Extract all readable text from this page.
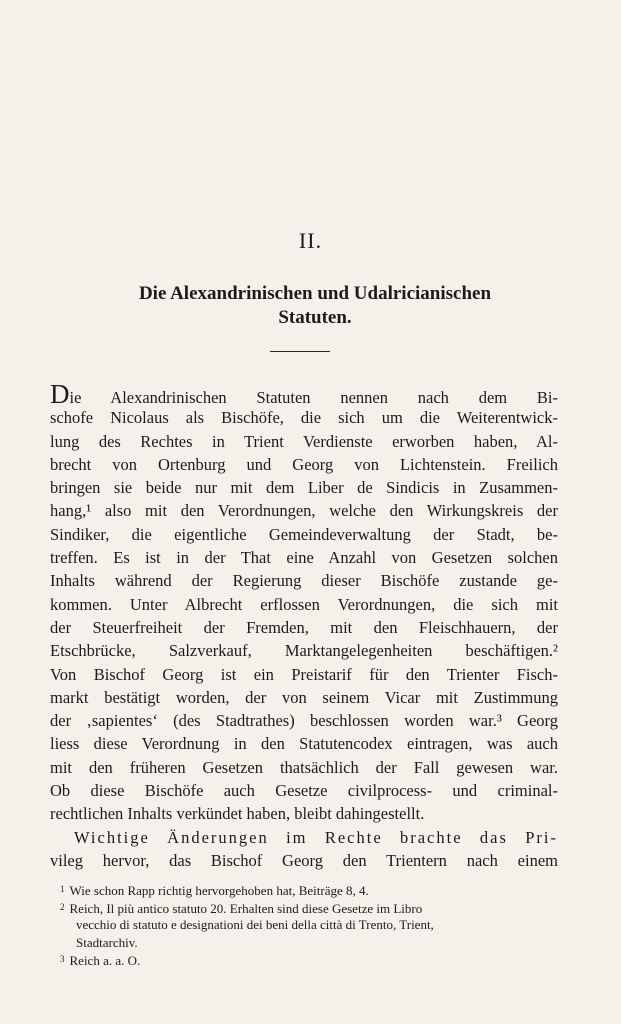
II.
Die Alexandrinischen und Udalricianischen
Statuten.
Die Alexandrinischen Statuten nennen nach dem Bi-
schofe Nicolaus als Bischöfe, die sich um die Weiterentwick-
lung des Rechtes in Trient Verdienste erworben haben, Al-
brecht von Ortenburg und Georg von Lichtenstein. Freilich
bringen sie beide nur mit dem Liber de Sindicis in Zusammen-
hang,¹ also mit den Verordnungen, welche den Wirkungskreis der
Sindiker, die eigentliche Gemeindeverwaltung der Stadt, be-
treffen. Es ist in der That eine Anzahl von Gesetzen solchen
Inhalts während der Regierung dieser Bischöfe zustande ge-
kommen. Unter Albrecht erflossen Verordnungen, die sich mit
der Steuerfreiheit der Fremden, mit den Fleischhauern, der
Etschbrücke, Salzverkauf, Marktangelegenheiten beschäftigen.²
Von Bischof Georg ist ein Preistarif für den Trienter Fisch-
markt bestätigt worden, der von seinem Vicar mit Zustimmung
der ‚sapientes‘ (des Stadtrathes) beschlossen worden war.³ Georg
liess diese Verordnung in den Statutencodex eintragen, was auch
mit den früheren Gesetzen thatsächlich der Fall gewesen war.
Ob diese Bischöfe auch Gesetze civilprocess- und criminal-
rechtlichen Inhalts verkündet haben, bleibt dahingestellt.
Wichtige Änderungen im Rechte brachte das Pri-
vileg hervor, das Bischof Georg den Trientern nach einem
$^1$ Wie schon Rapp richtig hervorgehoben hat, Beiträge 8, 4.
$^2$ Reich, Il più antico statuto 20. Erhalten sind diese Gesetze im Libro
vecchio di statuto e designationi dei beni della città di Trento, Trient,
Stadtarchiv.
$^3$ Reich a. a. O.
